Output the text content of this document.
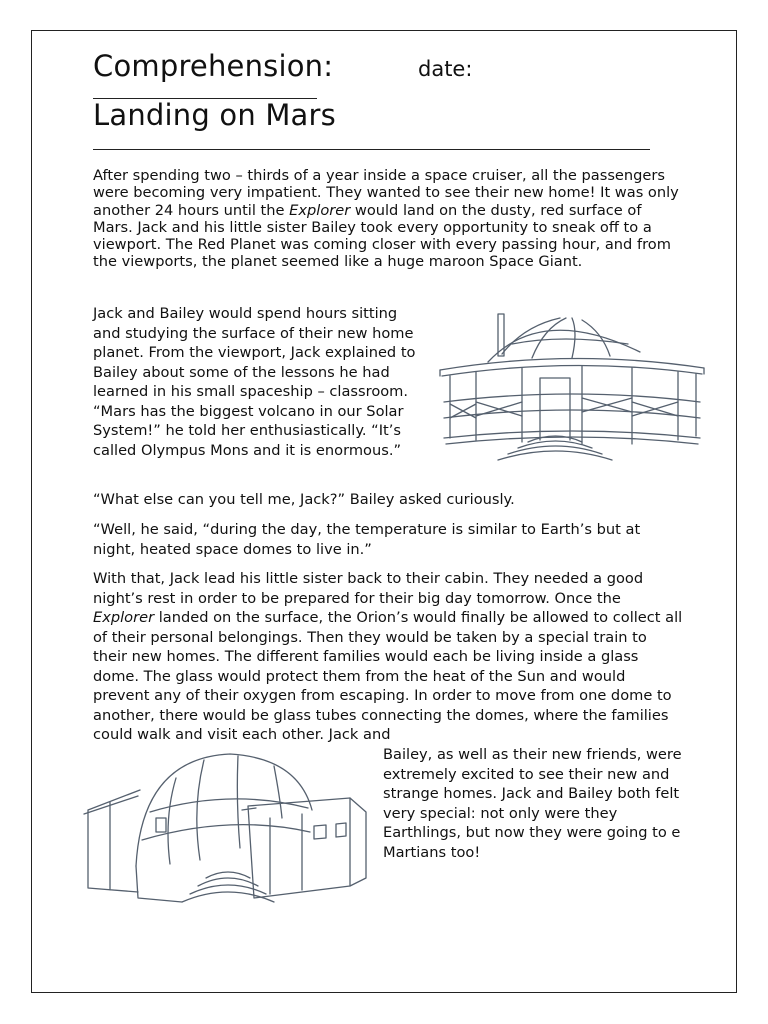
Comprehension:	date:
Landing on Mars

After spending two – thirds of a year inside a space cruiser, all the passengers were becoming very impatient. They wanted to see their new home! It was only another 24 hours until the Explorer would land on the dusty, red surface of Mars. Jack and his little sister Bailey took every opportunity to sneak off to a viewport. The Red Planet was coming closer with every passing hour, and from the viewports, the planet seemed like a huge maroon Space Giant.

Jack and Bailey would spend hours sitting and studying the surface of their new home planet. From the viewport, Jack explained to Bailey about some of the lessons he had learned in his small spaceship – classroom. “Mars has the biggest volcano in our Solar System!” he told her enthusiastically. “It’s called Olympus Mons and it is enormous.”

“What else can you tell me, Jack?” Bailey asked curiously.

“Well, he said, “during the day, the temperature is similar to Earth’s but at night, heated space domes to live in.”

With that, Jack lead his little sister back to their cabin. They needed a good night’s rest in order to be prepared for their big day tomorrow. Once the Explorer landed on the surface, the Orion’s would finally be allowed to collect all of their personal belongings. Then they would be taken by a special train to their new homes. The different families would each be living inside a glass dome. The glass would protect them from the heat of the Sun and would prevent any of their oxygen from escaping. In order to move from one dome to another, there would be glass tubes connecting the domes, where the families could walk and visit each other. Jack and

Bailey, as well as their new friends, were extremely excited to see their new and strange homes. Jack and Bailey both felt very special: not only were they Earthlings, but now they were going to e Martians too!
